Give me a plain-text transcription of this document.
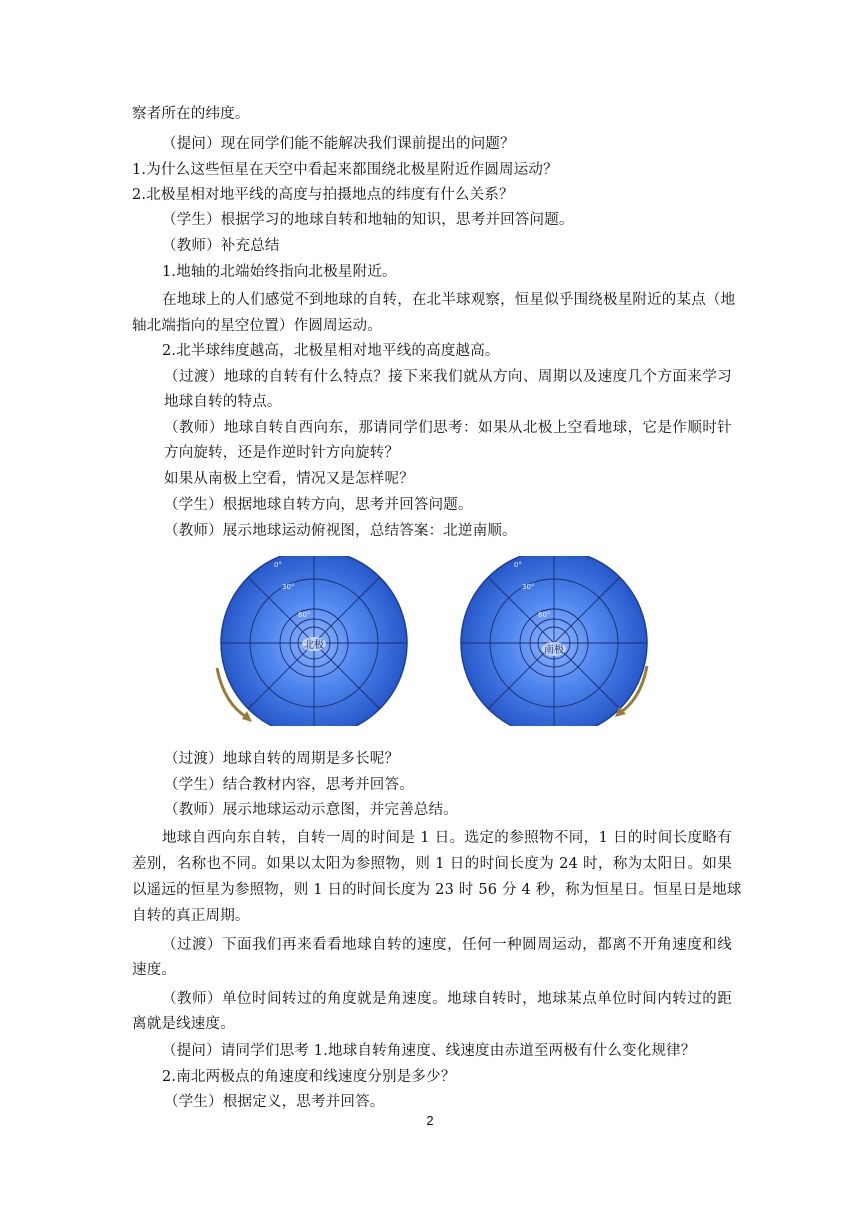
察者所在的纬度。
（提问）现在同学们能不能解决我们课前提出的问题？
1.为什么这些恒星在天空中看起来都围绕北极星附近作圆周运动？
2.北极星相对地平线的高度与拍摄地点的纬度有什么关系？
（学生）根据学习的地球自转和地轴的知识，思考并回答问题。
（教师）补充总结
1.地轴的北端始终指向北极星附近。
在地球上的人们感觉不到地球的自转，在北半球观察，恒星似乎围绕极星附近的某点（地
轴北端指向的星空位置）作圆周运动。
2.北半球纬度越高，北极星相对地平线的高度越高。
（过渡）地球的自转有什么特点？接下来我们就从方向、周期以及速度几个方面来学习
地球自转的特点。
（教师）地球自转自西向东，那请同学们思考：如果从北极上空看地球，它是作顺时针
方向旋转，还是作逆时针方向旋转？
如果从南极上空看，情况又是怎样呢？
（学生）根据地球自转方向，思考并回答问题。
（教师）展示地球运动俯视图，总结答案：北逆南顺。
0°
30°
60°
北极
0°
30°
60°
南极
（过渡）地球自转的周期是多长呢？
（学生）结合教材内容，思考并回答。
（教师）展示地球运动示意图，并完善总结。
地球自西向东自转，自转一周的时间是 1 日。选定的参照物不同，1 日的时间长度略有
差别，名称也不同。如果以太阳为参照物，则 1 日的时间长度为 24 时，称为太阳日。如果
以遥远的恒星为参照物，则 1 日的时间长度为 23 时 56 分 4 秒，称为恒星日。恒星日是地球
自转的真正周期。
（过渡）下面我们再来看看地球自转的速度，任何一种圆周运动，都离不开角速度和线
速度。
（教师）单位时间转过的角度就是角速度。地球自转时，地球某点单位时间内转过的距
离就是线速度。
（提问）请同学们思考 1.地球自转角速度、线速度由赤道至两极有什么变化规律？
2.南北两极点的角速度和线速度分别是多少？
（学生）根据定义，思考并回答。
2
